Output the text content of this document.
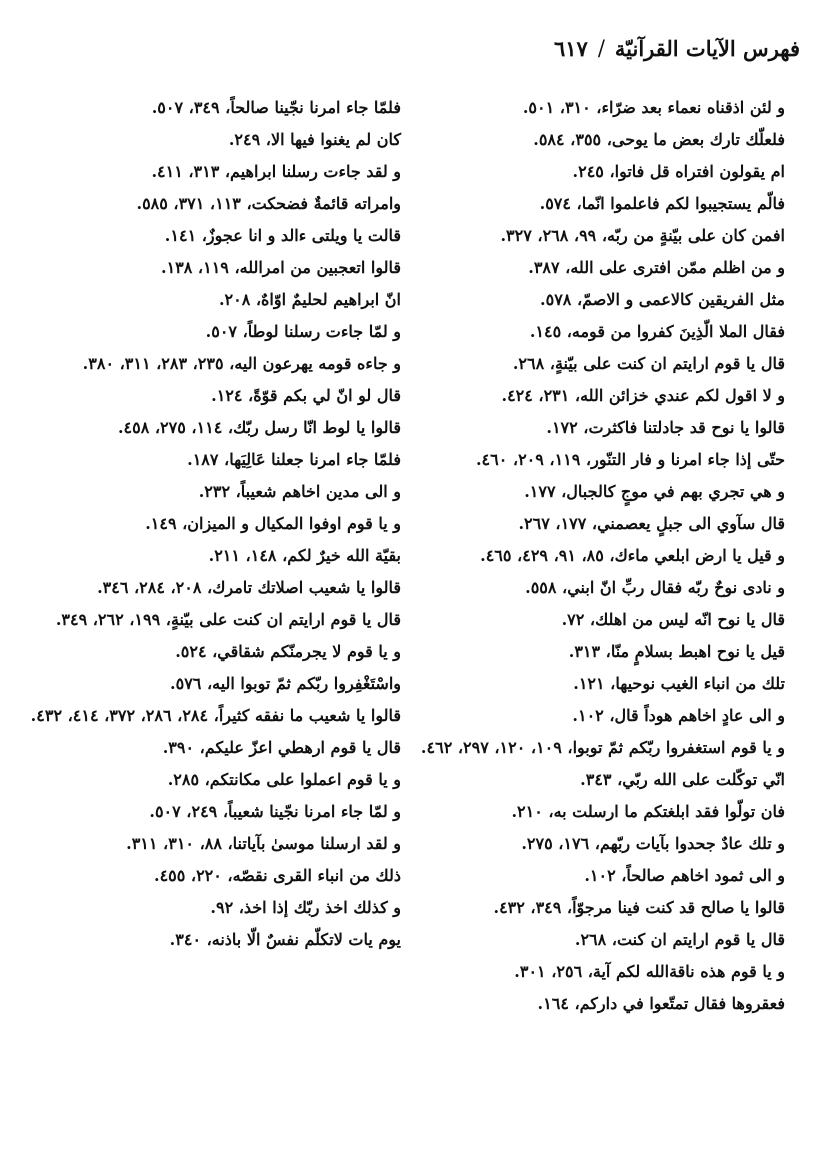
فهرس الآيات القرآنيّة
/
٦١٧
و لئن اذقناه نعماء بعد ضرّاء، ٣١٠، ٥٠١.
فلعلّك تارك بعض ما يوحى، ٣٥٥، ٥٨٤.
ام يقولون افتراه قل فاتوا، ٢٤٥.
فالّم يستجيبوا لكم فاعلموا انّما، ٥٧٤.
افمن كان على بيّنةٍ من ربّه، ٩٩، ٢٦٨، ٣٢٧.
و من اظلم ممّن افترى على الله، ٣٨٧.
مثل الفريقين كالاعمى و الاصمّ، ٥٧٨.
فقال الملا الّذِينَ كفروا من قومه، ١٤٥.
قال يا قوم ارايتم ان كنت على بيّنةٍ، ٢٦٨.
و لا اقول لكم عندي خزائن الله، ٢٣١، ٤٢٤.
قالوا يا نوح قد جادلتنا فاكثرت، ١٧٢.
حتّى إذا جاء امرنا و فار التنّور، ١١٩، ٢٠٩، ٤٦٠.
و هي تجري بهم في موجٍ كالجبال، ١٧٧.
قال سآوي الى جبلٍ يعصمني، ١٧٧، ٢٦٧.
و قيل يا ارض ابلعي ماءك، ٨٥، ٩١، ٤٢٩، ٤٦٥.
و نادى نوحٌ ربّه فقال ربِّ انّ ابني، ٥٥٨.
قال يا نوح انّه ليس من اهلك، ٧٢.
قيل يا نوح اهبط بسلامٍ منّا، ٣١٣.
تلك من انباء الغيب نوحيها، ١٢١.
و الى عادٍ اخاهم هوداً قال، ١٠٢.
و يا قوم استغفروا ربّكم ثمّ توبوا، ١٠٩، ١٢٠، ٢٩٧، ٤٦٢.
انّي توكّلت على الله ربّي، ٣٤٣.
فان تولّوا فقد ابلغتكم ما ارسلت به، ٢١٠.
و تلك عادٌ جحدوا بآيات ربّهم، ١٧٦، ٢٧٥.
و الى ثمود اخاهم صالحاً، ١٠٢.
قالوا يا صالح قد كنت فينا مرجوّاً، ٣٤٩، ٤٣٢.
قال يا قوم ارايتم ان كنت، ٢٦٨.
و يا قوم هذه ناقةالله لكم آية، ٢٥٦، ٣٠١.
فعقروها فقال تمتّعوا في داركم، ١٦٤.
فلمّا جاء امرنا نجّينا صالحاً، ٣٤٩، ٥٠٧.
كان لم يغنوا فيها الا، ٢٤٩.
و لقد جاءت رسلنا ابراهيم، ٣١٣، ٤١١.
وامراته قائمةٌ فضحكت، ١١٣، ٣٧١، ٥٨٥.
قالت يا ويلتى ءالد و انا عجوزٌ، ١٤١.
قالوا اتعجبين من امرالله، ١١٩، ١٣٨.
انّ ابراهيم لحليمٌ اوّاهٌ، ٢٠٨.
و لمّا جاءت رسلنا لوطاً، ٥٠٧.
و جاءه قومه يهرعون اليه، ٢٣٥، ٢٨٣، ٣١١، ٣٨٠.
قال لو انّ لي بكم قوّةً، ١٢٤.
قالوا يا لوط انّا رسل ربّك، ١١٤، ٢٧٥، ٤٥٨.
فلمّا جاء امرنا جعلنا عَالِيَها، ١٨٧.
و الى مدين اخاهم شعيباً، ٢٣٢.
و يا قوم اوفوا المكيال و الميزان، ١٤٩.
بقيّة الله خيرٌ لكم، ١٤٨، ٢١١.
قالوا يا شعيب اصلاتك تامرك، ٢٠٨، ٢٨٤، ٣٤٦.
قال يا قوم ارايتم ان كنت على بيّنةٍ، ١٩٩، ٢٦٢، ٣٤٩.
و يا قوم لا يجرمنّكم شقاقي، ٥٢٤.
واسْتَغْفِروا ربّكم ثمّ توبوا اليه، ٥٧٦.
قالوا يا شعيب ما نفقه كثيراً، ٢٨٤، ٢٨٦، ٣٧٢، ٤١٤، ٤٣٢.
قال يا قوم ارهطي اعزّ عليكم، ٣٩٠.
و يا قوم اعملوا على مكانتكم، ٢٨٥.
و لمّا جاء امرنا نجّينا شعيباً، ٢٤٩، ٥٠٧.
و لقد ارسلنا موسىٰ بآياتنا، ٨٨، ٣١٠، ٣١١.
ذلك من انباء القرى نقصّه، ٢٢٠، ٤٥٥.
و كذلك اخذ ربّك إذا اخذ، ٩٢.
يوم يات لاتكلّم نفسٌ الّا باذنه، ٣٤٠.
